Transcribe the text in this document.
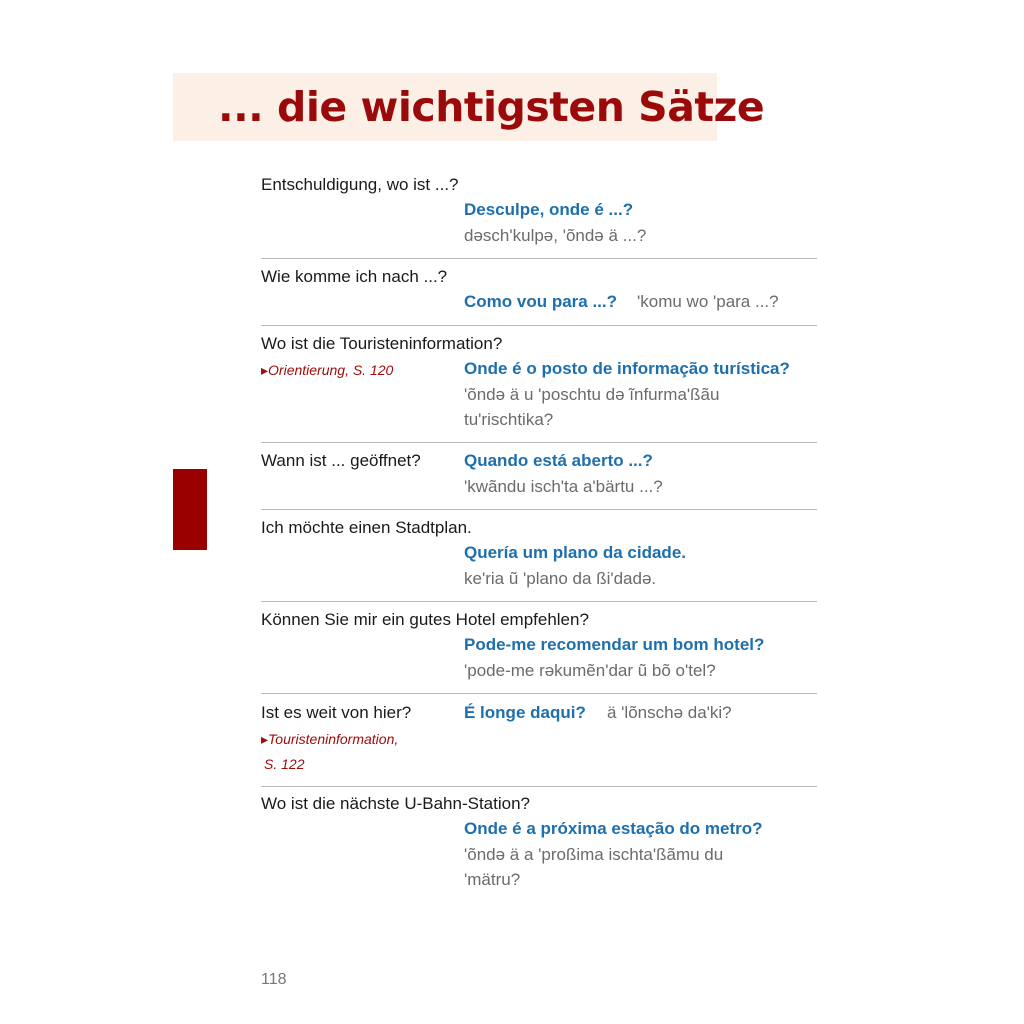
... die wichtigsten Sätze
Entschuldigung, wo ist ...?
Desculpe, onde é ...?
dəsch'kulpə, 'õndə ä ...?
Wie komme ich nach ...?
Como vou para ...? 'komu wo 'para ...?
Wo ist die Touristeninformation?
▸Orientierung, S. 120	Onde é o posto de informação turística?
'õndə ä u 'poschtu də ĩnfurma'ßãu
tu'rischtika?
Wann ist ... geöffnet?	Quando está aberto ...?
'kwãndu isch'ta a'bärtu ...?
Ich möchte einen Stadtplan.
Quería um plano da cidade.
ke'ria ũ 'plano da ßi'dadə.
Können Sie mir ein gutes Hotel empfehlen?
Pode-me recomendar um bom hotel?
'pode-me rəkumẽn'dar ũ bõ o'tel?
Ist es weit von hier?
▸Touristeninformation,
S. 122
É longe daqui? ä 'lõnschə da'ki?
Wo ist die nächste U-Bahn-Station?
Onde é a próxima estação do metro?
'õndə ä a 'proßima ischta'ßãmu du
'mätru?
118
